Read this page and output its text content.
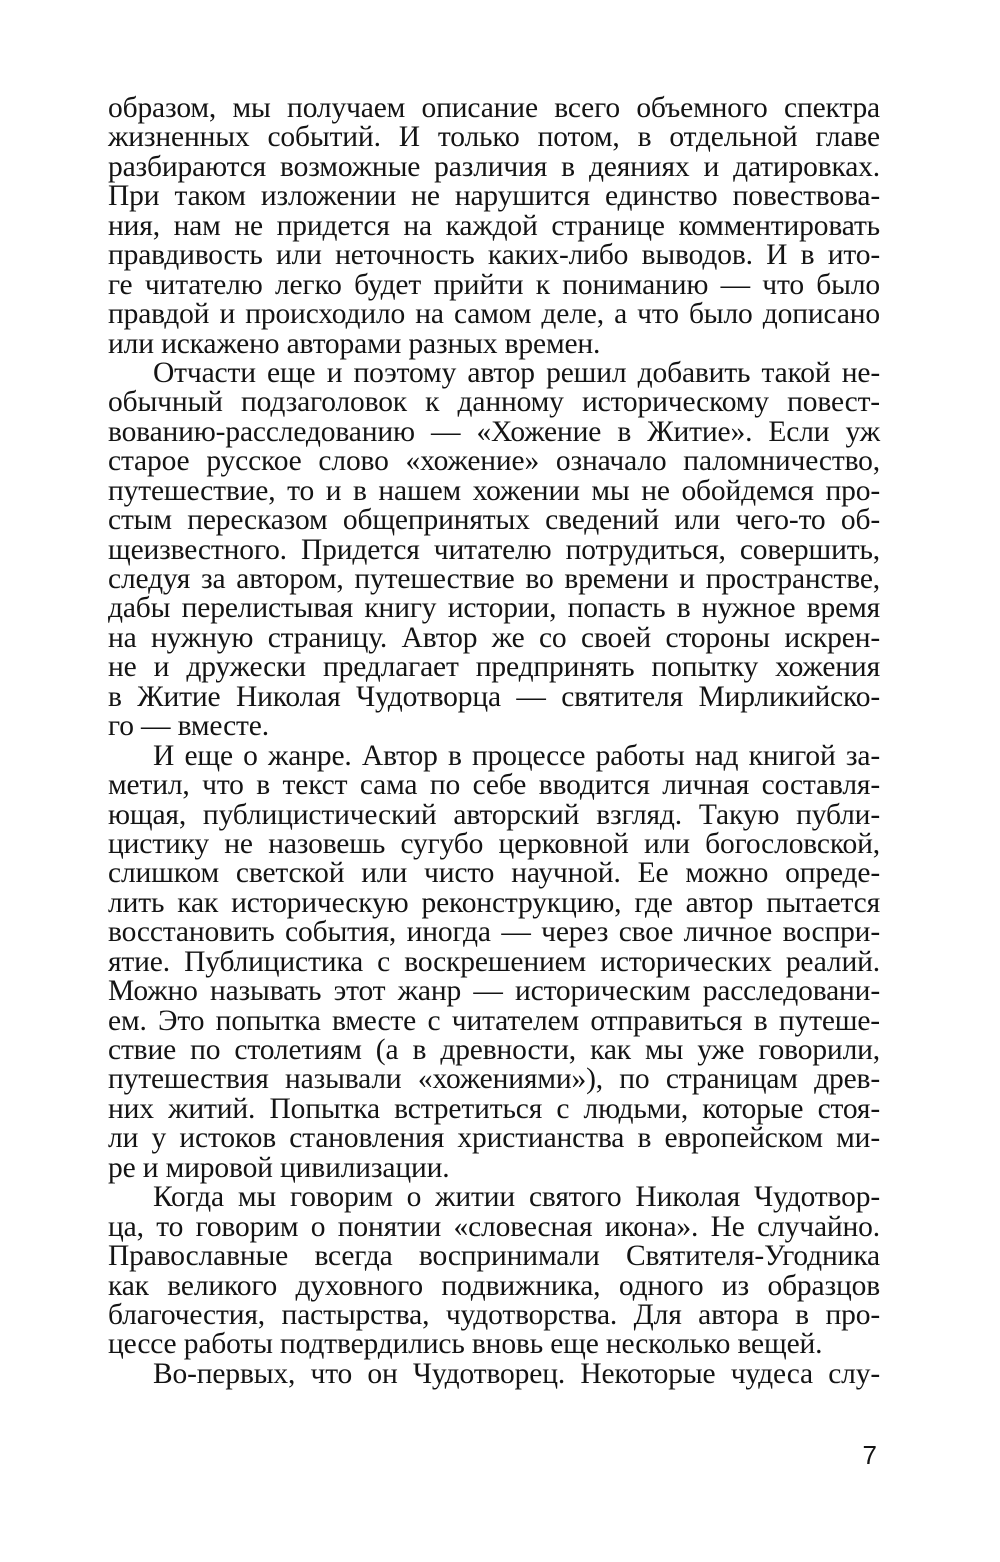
образом, мы получаем описание всего объемного спектра
жизненных событий. И только потом, в отдельной главе
разбираются возможные различия в деяниях и датировках.
При таком изложении не нарушится единство повествова-
ния, нам не придется на каждой странице комментировать
правдивость или неточность каких-либо выводов. И в ито-
ге читателю легко будет прийти к пониманию — что было
правдой и происходило на самом деле, а что было дописано
или искажено авторами разных времен.
Отчасти еще и поэтому автор решил добавить такой не-
обычный подзаголовок к данному историческому повест-
вованию-расследованию — «Хожение в Житие». Если уж
старое русское слово «хожение» означало паломничество,
путешествие, то и в нашем хожении мы не обойдемся про-
стым пересказом общепринятых сведений или чего-то об-
щеизвестного. Придется читателю потрудиться, совершить,
следуя за автором, путешествие во времени и пространстве,
дабы перелистывая книгу истории, попасть в нужное время
на нужную страницу. Автор же со своей стороны искрен-
не и дружески предлагает предпринять попытку хожения
в Житие Николая Чудотворца — святителя Мирликийско-
го — вместе.
И еще о жанре. Автор в процессе работы над книгой за-
метил, что в текст сама по себе вводится личная составля-
ющая, публицистический авторский взгляд. Такую публи-
цистику не назовешь сугубо церковной или богословской,
слишком светской или чисто научной. Ее можно опреде-
лить как историческую реконструкцию, где автор пытается
восстановить события, иногда — через свое личное воспри-
ятие. Публицистика с воскрешением исторических реалий.
Можно называть этот жанр — историческим расследовани-
ем. Это попытка вместе с читателем отправиться в путеше-
ствие по столетиям (а в древности, как мы уже говорили,
путешествия называли «хожениями»), по страницам древ-
них житий. Попытка встретиться с людьми, которые стоя-
ли у истоков становления христианства в европейском ми-
ре и мировой цивилизации.
Когда мы говорим о житии святого Николая Чудотвор-
ца, то говорим о понятии «словесная икона». Не случайно.
Православные всегда воспринимали Святителя-Угодника
как великого духовного подвижника, одного из образцов
благочестия, пастырства, чудотворства. Для автора в про-
цессе работы подтвердились вновь еще несколько вещей.
Во-первых, что он Чудотворец. Некоторые чудеса слу-
7
